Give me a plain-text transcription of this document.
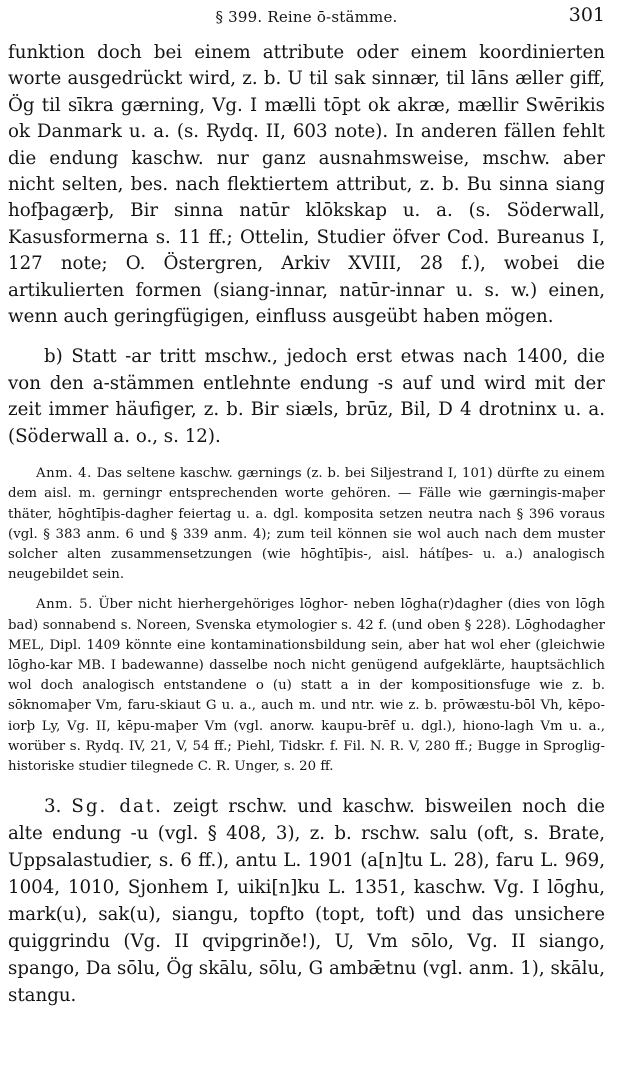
§ 399. Reine ō-stämme.	301

funktion doch bei einem attribute oder einem koordinierten worte ausgedrückt wird, z. b. U til sak sinnær, til lāns æller giff, Ög til sīkra gærning, Vg. I mælli tōpt ok akræ, mællir Swērikis ok Danmark u. a. (s. Rydq. II, 603 note). In anderen fällen fehlt die endung kaschw. nur ganz ausnahmsweise, mschw. aber nicht selten, bes. nach flektiertem attribut, z. b. Bu sinna siang hofþagærþ, Bir sinna natūr klōkskap u. a. (s. Söderwall, Kasusformerna s. 11 ff.; Ottelin, Studier öfver Cod. Bureanus I, 127 note; O. Östergren, Arkiv XVIII, 28 f.), wobei die artikulierten formen (siang-innar, natūr-innar u. s. w.) einen, wenn auch geringfügigen, einfluss ausgeübt haben mögen.

b) Statt -ar tritt mschw., jedoch erst etwas nach 1400, die von den a-stämmen entlehnte endung -s auf und wird mit der zeit immer häufiger, z. b. Bir siæls, brūz, Bil, D 4 drotninx u. a. (Söderwall a. o., s. 12).

Anm. 4. Das seltene kaschw. gærnings (z. b. bei Siljestrand I, 101) dürfte zu einem dem aisl. m. gerningr entsprechenden worte gehören. — Fälle wie gærningis-maþer thäter, hōghtīþis-dagher feiertag u. a. dgl. komposita setzen neutra nach § 396 voraus (vgl. § 383 anm. 6 und § 339 anm. 4); zum teil können sie wol auch nach dem muster solcher alten zusammensetzungen (wie hōghtīþis-, aisl. hátíþes- u. a.) analogisch neugebildet sein.

Anm. 5. Über nicht hierhergehöriges lōghor- neben lōgha(r)dagher (dies von lōgh bad) sonnabend s. Noreen, Svenska etymologier s. 42 f. (und oben § 228). Lōghodagher MEL, Dipl. 1409 könnte eine kontaminationsbildung sein, aber hat wol eher (gleichwie lōgho-kar MB. I badewanne) dasselbe noch nicht genügend aufgeklärte, hauptsächlich wol doch analogisch entstandene o (u) statt a in der kompositionsfuge wie z. b. sōknomaþer Vm, faru-skiaut G u. a., auch m. und ntr. wie z. b. prōwæstu-bōl Vh, kēpo-iorþ Ly, Vg. II, kēpu-maþer Vm (vgl. anorw. kaupu-brēf u. dgl.), hiono-lagh Vm u. a., worüber s. Rydq. IV, 21, V, 54 ff.; Piehl, Tidskr. f. Fil. N. R. V, 280 ff.; Bugge in Sproglig-historiske studier tilegnede C. R. Unger, s. 20 ff.

3. Sg. dat. zeigt rschw. und kaschw. bisweilen noch die alte endung -u (vgl. § 408, 3), z. b. rschw. salu (oft, s. Brate, Uppsalastudier, s. 6 ff.), antu L. 1901 (a[n]tu L. 28), faru L. 969, 1004, 1010, Sjonhem I, uiki[n]ku L. 1351, kaschw. Vg. I lōghu, mark(u), sak(u), siangu, topfto (topt, toft) und das unsichere quiggrindu (Vg. II qvipgrinðe!), U, Vm sōlo, Vg. II siango, spango, Da sōlu, Ög skālu, sōlu, G ambǣtnu (vgl. anm. 1), skālu, stangu.
